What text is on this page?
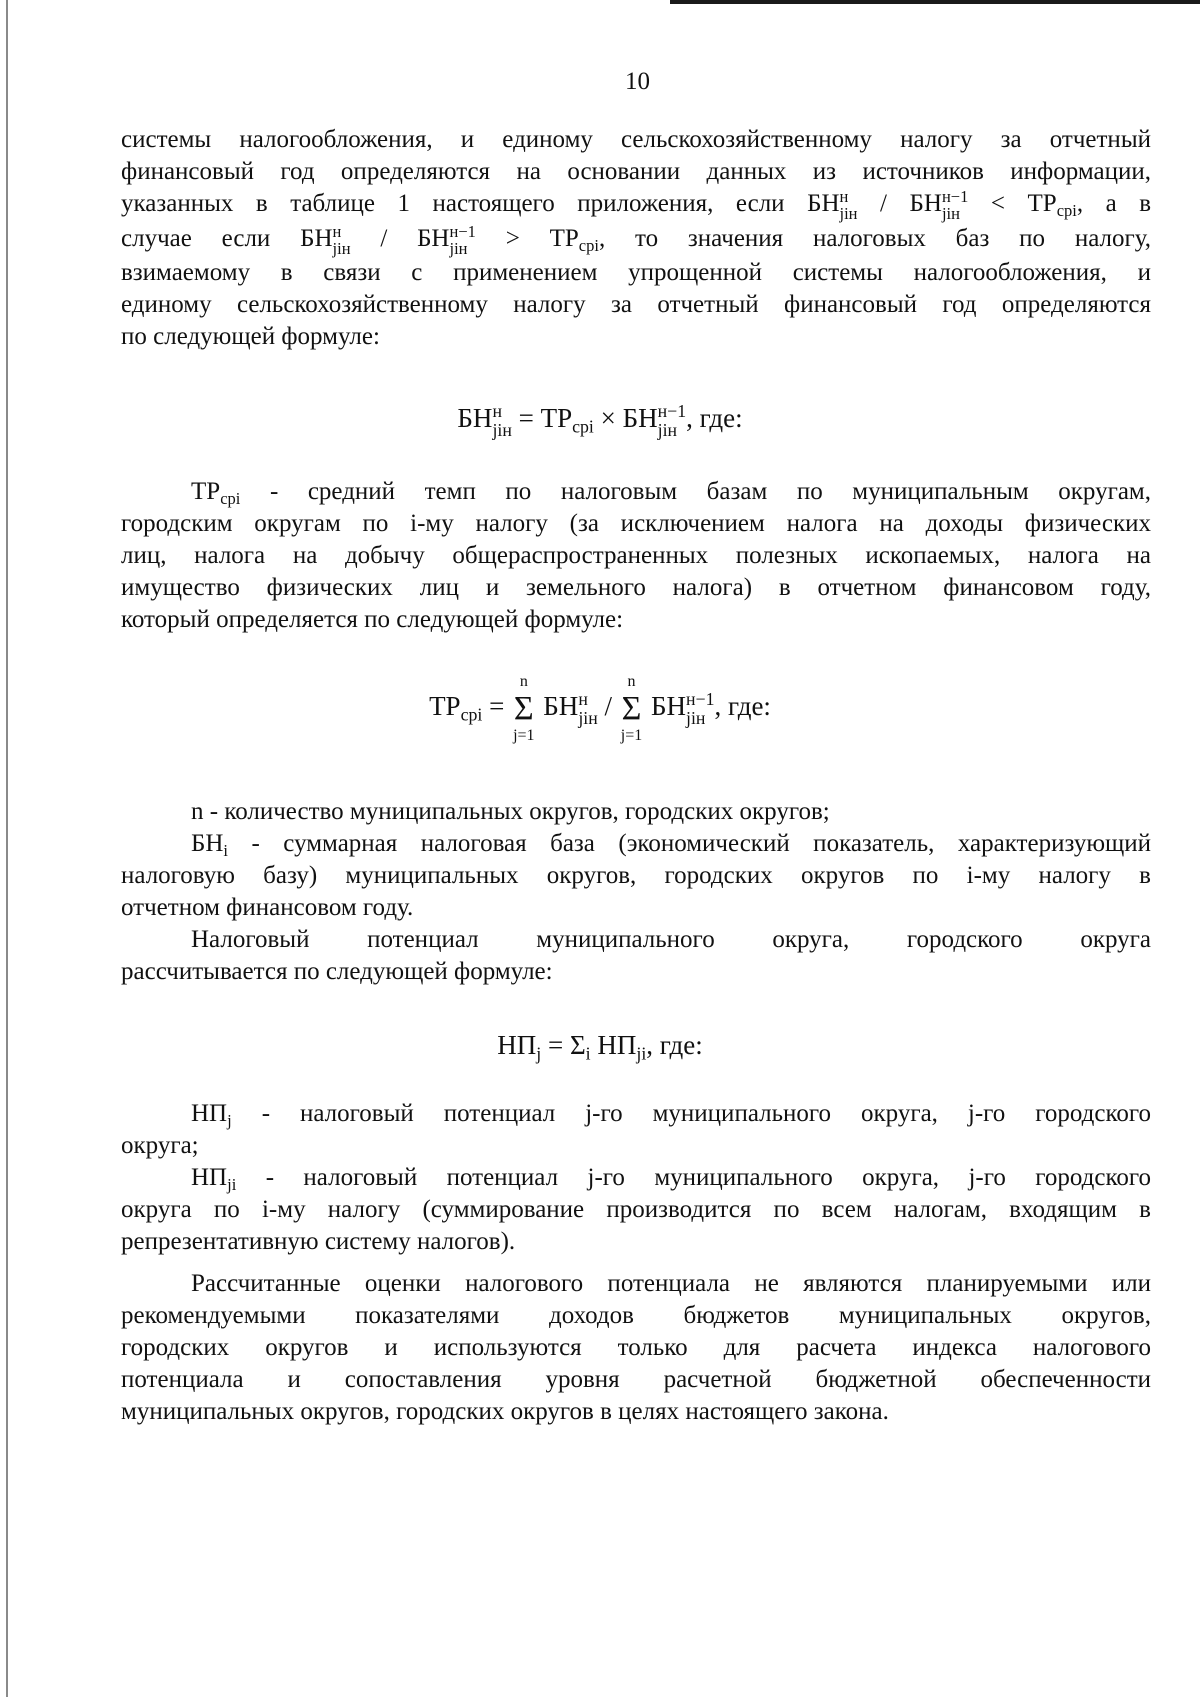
10

системы налогообложения, и единому сельскохозяйственному налогу за отчетный

финансовый год определяются на основании данных из источников информации,

указанных в таблице 1 настоящего приложения, если БН н
jiн / БН н−1
jiн	< $ТР_{срi}$, а в

случае если БН н
jiн / БН н−1
jiн	> $ТР_{срi}$, то значения налоговых баз по налогу,

взимаемому в связи с применением упрощенной системы налогообложения, и

единому сельскохозяйственному налогу за отчетный финансовый год определяются

по следующей формуле:

БН н
jiн = $ТР_{срi}$ × БН н−1
jiн , где:

$ТР_{срi}$ - средний темп по налоговым базам по муниципальным округам,

городским округам по i-му налогу (за исключением налога на доходы физических

лиц, налога на добычу общераспространенных полезных ископаемых, налога на

имущество физических лиц и земельного налога) в отчетном финансовом году,

который определяется по следующей формуле:

$ТР_{срi}$ =
n
Σ
j=1
БН н
jiн /
n
Σ
j=1
БН н−1
jiн , где:

n - количество муниципальных округов, городских округов;

$БН_i$ - суммарная налоговая база (экономический показатель, характеризующий

налоговую базу) муниципальных округов, городских округов по i-му налогу в

отчетном финансовом году.

Налоговый потенциал муниципального округа, городского округа

рассчитывается по следующей формуле:

$НП_j = \Sigma_i$ $НП_{ji}$, где:

$НП_j$ - налоговый потенциал j-го муниципального округа, j-го городского

округа;

$НП_{ji}$ - налоговый потенциал j-го муниципального округа, j-го городского

округа по i-му налогу (суммирование производится по всем налогам, входящим в

репрезентативную систему налогов).

Рассчитанные оценки налогового потенциала не являются планируемыми или

рекомендуемыми показателями доходов бюджетов муниципальных округов,

городских округов и используются только для расчета индекса налогового

потенциала и сопоставления уровня расчетной бюджетной обеспеченности

муниципальных округов, городских округов в целях настоящего закона.
